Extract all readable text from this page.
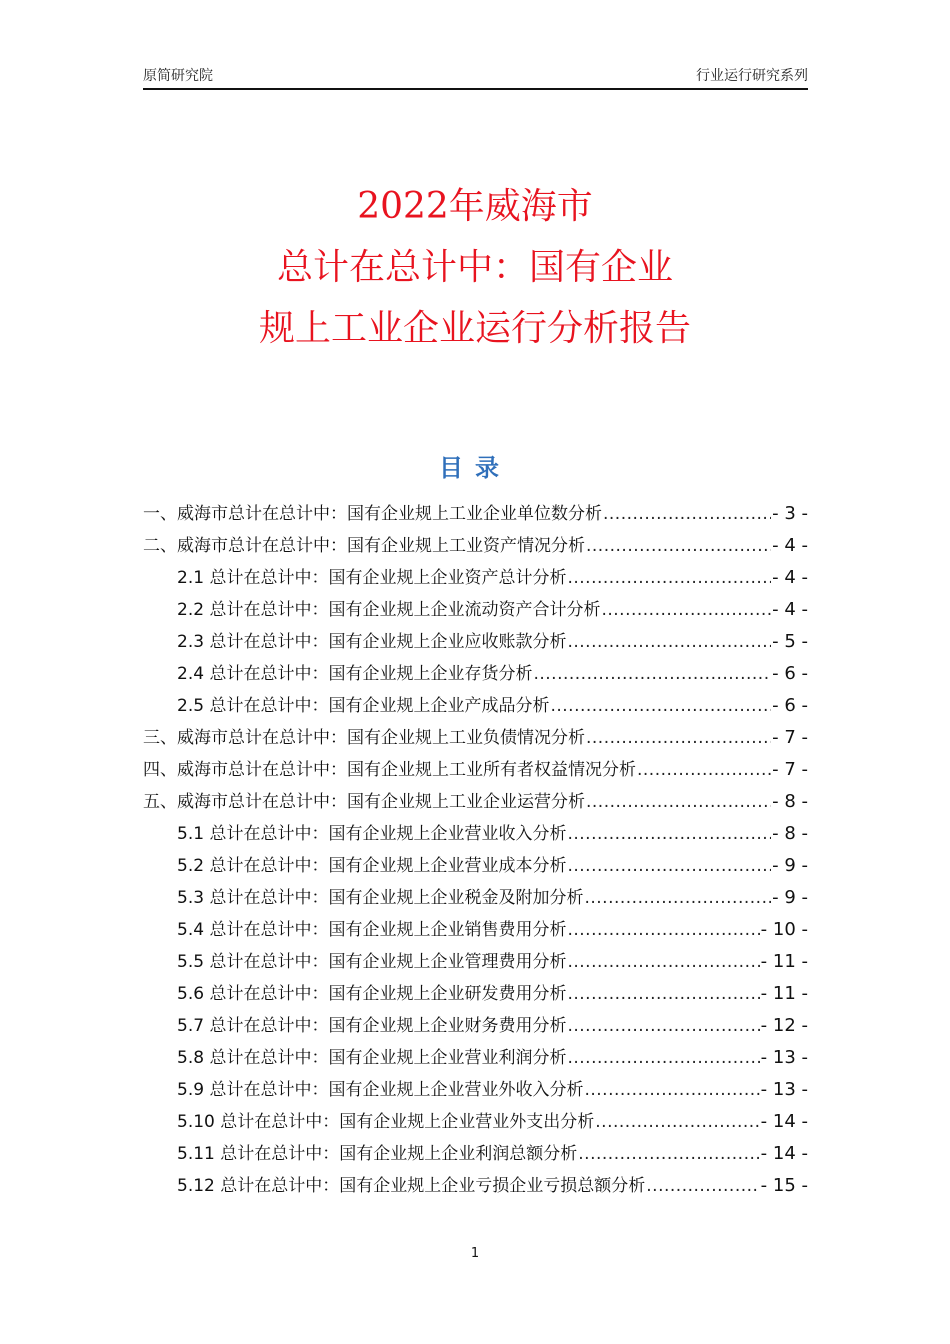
原简研究院	行业运行研究系列
2022年威海市
总计在总计中：国有企业
规上工业企业运行分析报告
目录
一、威海市总计在总计中：国有企业规上工业企业单位数分析 .....	- 3 -
二、威海市总计在总计中：国有企业规上工业资产情况分析 .....	- 4 -
2.1 总计在总计中：国有企业规上企业资产总计分析 .....	- 4 -
2.2 总计在总计中：国有企业规上企业流动资产合计分析 .....	- 4 -
2.3 总计在总计中：国有企业规上企业应收账款分析 .....	- 5 -
2.4 总计在总计中：国有企业规上企业存货分析 .....	- 6 -
2.5 总计在总计中：国有企业规上企业产成品分析 .....	- 6 -
三、威海市总计在总计中：国有企业规上工业负债情况分析 .....	- 7 -
四、威海市总计在总计中：国有企业规上工业所有者权益情况分析 .....	- 7 -
五、威海市总计在总计中：国有企业规上工业企业运营分析 .....	- 8 -
5.1 总计在总计中：国有企业规上企业营业收入分析 .....	- 8 -
5.2 总计在总计中：国有企业规上企业营业成本分析 .....	- 9 -
5.3 总计在总计中：国有企业规上企业税金及附加分析 .....	- 9 -
5.4 总计在总计中：国有企业规上企业销售费用分析 .....	- 10 -
5.5 总计在总计中：国有企业规上企业管理费用分析 .....	- 11 -
5.6 总计在总计中：国有企业规上企业研发费用分析 .....	- 11 -
5.7 总计在总计中：国有企业规上企业财务费用分析 .....	- 12 -
5.8 总计在总计中：国有企业规上企业营业利润分析 .....	- 13 -
5.9 总计在总计中：国有企业规上企业营业外收入分析 .....	- 13 -
5.10 总计在总计中：国有企业规上企业营业外支出分析 .....	- 14 -
5.11 总计在总计中：国有企业规上企业利润总额分析 .....	- 14 -
5.12 总计在总计中：国有企业规上企业亏损企业亏损总额分析 .....	- 15 -
1
